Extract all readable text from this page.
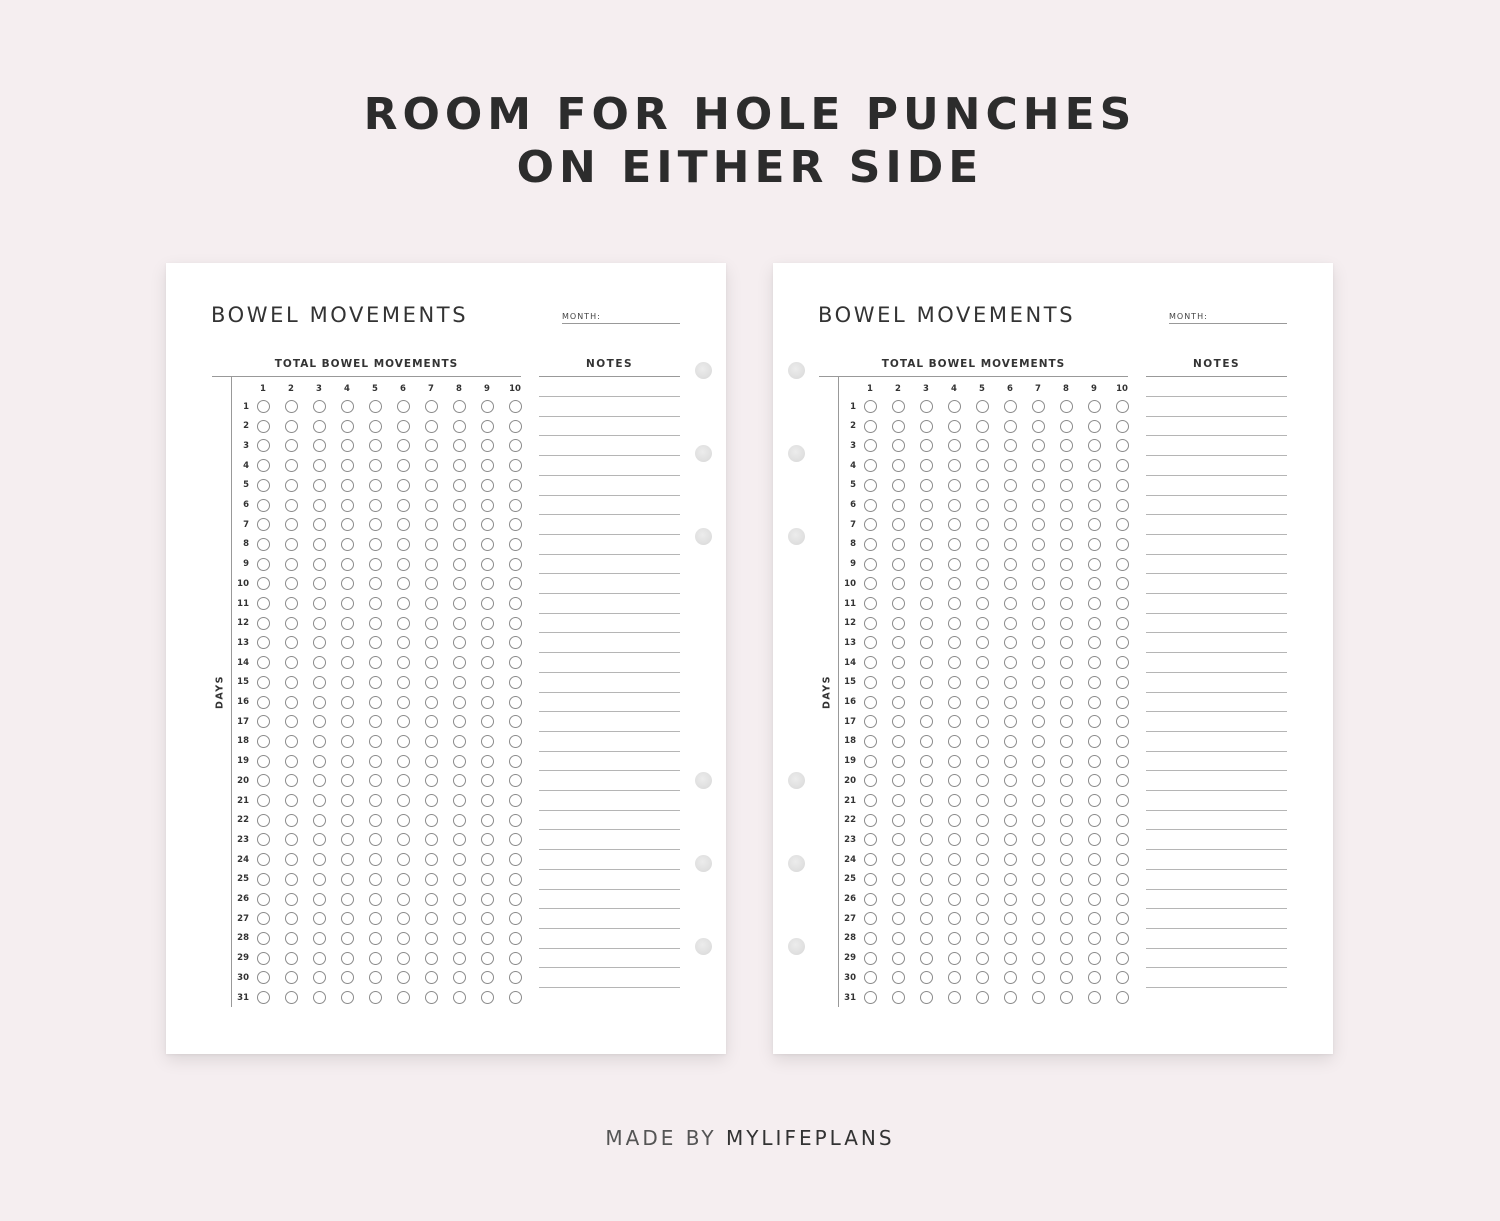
ROOM FOR HOLE PUNCHES
ON EITHER SIDE
BOWEL MOVEMENTS	MONTH:
TOTAL BOWEL MOVEMENTS	NOTES
DAYS
1	2	3	4	5	6	7	8	9	10
1
2
3
4
5
6
7
8
9
10
11
12
13
14
15
16
17
18
19
20
21
22
23
24
25
26
27
28
29
30
31
BOWEL MOVEMENTS	MONTH:
TOTAL BOWEL MOVEMENTS	NOTES
DAYS
1	2	3	4	5	6	7	8	9	10
1
2
3
4
5
6
7
8
9
10
11
12
13
14
15
16
17
18
19
20
21
22
23
24
25
26
27
28
29
30
31
MADE BY MYLIFEPLANS
